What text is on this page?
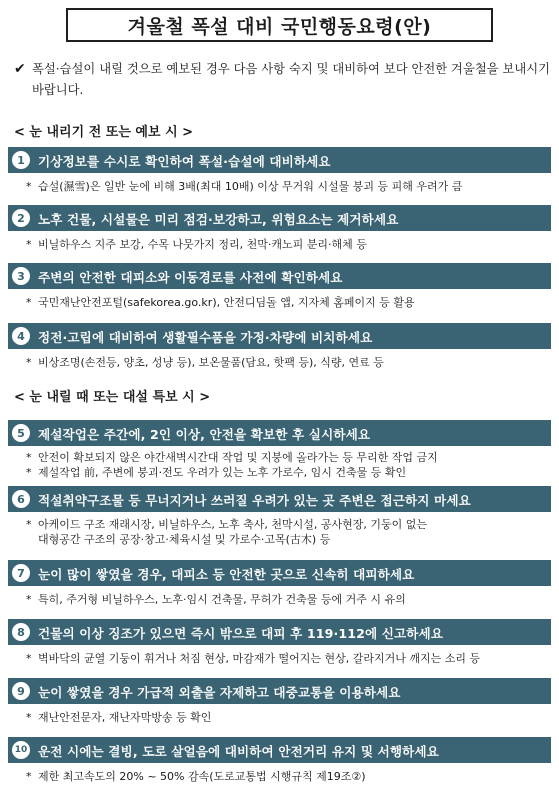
겨울철 폭설 대비 국민행동요령(안)
✔ 폭설·습설이 내릴 것으로 예보된 경우 다음 사항 숙지 및 대비하여 보다 안전한 겨울철을 보내시기 바랍니다.
< 눈 내리기 전 또는 예보 시 >
1	기상정보를 수시로 확인하여 폭설·습설에 대비하세요
* 습설(濕雪)은 일반 눈에 비해 3배(최대 10배) 이상 무거워 시설물 붕괴 등 피해 우려가 큼
2	노후 건물, 시설물은 미리 점검·보강하고, 위험요소는 제거하세요
* 비닐하우스 지주 보강, 수목 나뭇가지 정리, 천막·캐노피 분리·해체 등
3	주변의 안전한 대피소와 이동경로를 사전에 확인하세요
* 국민재난안전포털(safekorea.go.kr), 안전디딤돌 앱, 지자체 홈페이지 등 활용
4	정전·고립에 대비하여 생활필수품을 가정·차량에 비치하세요
* 비상조명(손전등, 양초, 성냥 등), 보온물품(담요, 핫팩 등), 식량, 연료 등
< 눈 내릴 때 또는 대설 특보 시 >
5	제설작업은 주간에, 2인 이상, 안전을 확보한 후 실시하세요
* 안전이 확보되지 않은 야간새벽시간대 작업 및 지붕에 올라가는 등 무리한 작업 금지
* 제설작업 前, 주변에 붕괴·전도 우려가 있는 노후 가로수, 임시 건축물 등 확인
6	적설취약구조물 등 무너지거나 쓰러질 우려가 있는 곳 주변은 접근하지 마세요
* 아케이드 구조 재래시장, 비닐하우스, 노후 축사, 천막시설, 공사현장, 기둥이 없는
대형공간 구조의 공장·창고·체육시설 및 가로수·고목(古木) 등
7	눈이 많이 쌓였을 경우, 대피소 등 안전한 곳으로 신속히 대피하세요
* 특히, 주거형 비닐하우스, 노후·임시 건축물, 무허가 건축물 등에 거주 시 유의
8	건물의 이상 징조가 있으면 즉시 밖으로 대피 후 119·112에 신고하세요
* 벽바닥의 균열 기둥이 휘거나 처짐 현상, 마감재가 떨어지는 현상, 갈라지거나 깨지는 소리 등
9	눈이 쌓였을 경우 가급적 외출을 자제하고 대중교통을 이용하세요
* 재난안전문자, 재난자막방송 등 확인
10 운전 시에는 결빙, 도로 살얼음에 대비하여 안전거리 유지 및 서행하세요
* 제한 최고속도의 20% ~ 50% 감속(도로교통법 시행규칙 제19조②)
